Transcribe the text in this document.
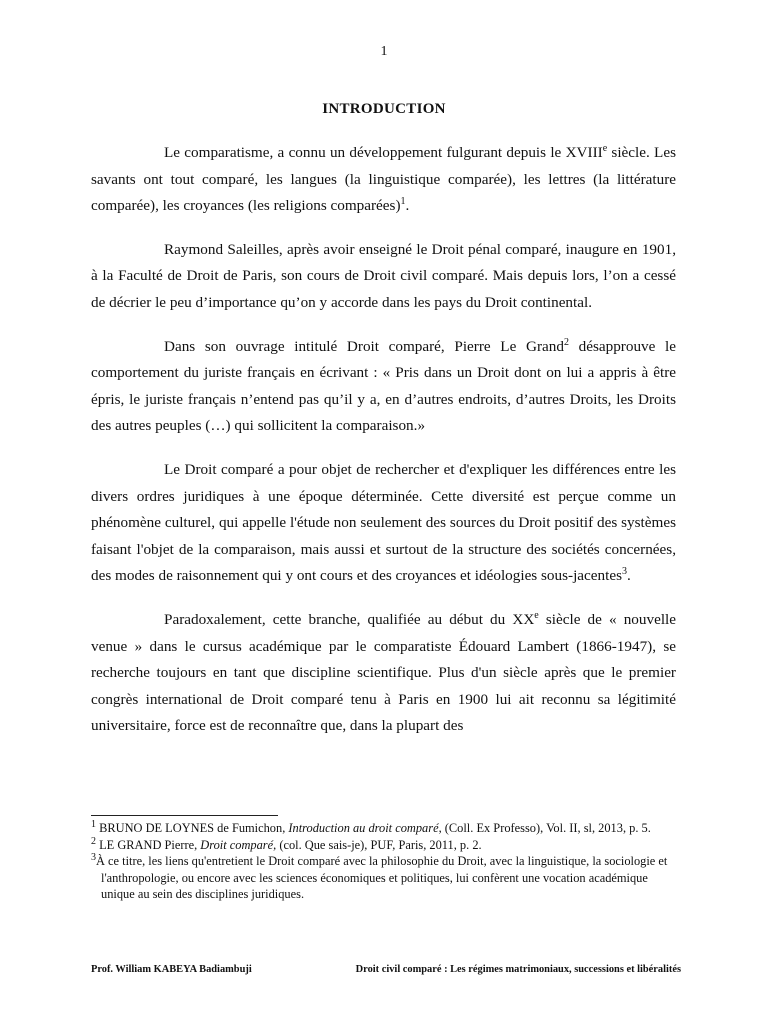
1
INTRODUCTION

Le comparatisme, a connu un développement fulgurant depuis le XVIIIe siècle. Les savants ont tout comparé, les langues (la linguistique comparée), les lettres (la littérature comparée), les croyances (les religions comparées)$^1$.

Raymond Saleilles, après avoir enseigné le Droit pénal comparé, inaugure en 1901, à la Faculté de Droit de Paris, son cours de Droit civil comparé. Mais depuis lors, l’on a cessé de décrier le peu d’importance qu’on y accorde dans les pays du Droit continental.

Dans son ouvrage intitulé Droit comparé, Pierre Le Grand$^2$ désapprouve le comportement du juriste français en écrivant : « Pris dans un Droit dont on lui a appris à être épris, le juriste français n’entend pas qu’il y a, en d’autres endroits, d’autres Droits, les Droits des autres peuples (…) qui sollicitent la comparaison.»

Le Droit comparé a pour objet de rechercher et d'expliquer les différences entre les divers ordres juridiques à une époque déterminée. Cette diversité est perçue comme un phénomène culturel, qui appelle l'étude non seulement des sources du Droit positif des systèmes faisant l'objet de la comparaison, mais aussi et surtout de la structure des sociétés concernées, des modes de raisonnement qui y ont cours et des croyances et idéologies sous-jacentes$^3$.

Paradoxalement, cette branche, qualifiée au début du XXe siècle de « nouvelle venue » dans le cursus académique par le comparatiste Édouard Lambert (1866-1947), se recherche toujours en tant que discipline scientifique. Plus d'un siècle après que le premier congrès international de Droit comparé tenu à Paris en 1900 lui ait reconnu sa légitimité universitaire, force est de reconnaître que, dans la plupart des

$^1$ BRUNO DE LOYNES de Fumichon, Introduction au droit comparé, (Coll. Ex Professo), Vol. II, sl, 2013, p. 5.

$^2$ LE GRAND Pierre, Droit comparé, (col. Que sais-je), PUF, Paris, 2011, p. 2.

$^3$À ce titre, les liens qu'entretient le Droit comparé avec la philosophie du Droit, avec la linguistique, la sociologie et l'anthropologie, ou encore avec les sciences économiques et politiques, lui confèrent une vocation académique unique au sein des disciplines juridiques.

Prof. William KABEYA Badiambuji	Droit civil comparé : Les régimes matrimoniaux, successions et libéralités
